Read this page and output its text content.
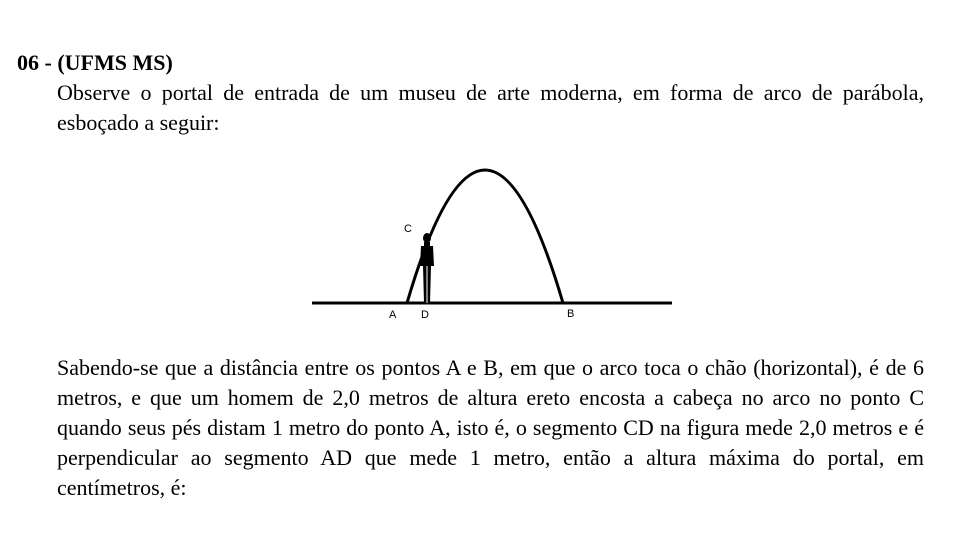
06 - (UFMS MS)

Observe o portal de entrada de um museu de arte moderna, em forma de arco de parábola, esboçado a seguir:

C
A D	B

Sabendo-se que a distância entre os pontos A e B, em que o arco toca o chão (horizontal), é de 6 metros, e que um homem de 2,0 metros de altura ereto encosta a cabeça no arco no ponto C quando seus pés distam 1 metro do ponto A, isto é, o segmento CD na figura mede 2,0 metros e é perpendicular ao segmento AD que mede 1 metro, então a altura máxima do portal, em centímetros, é:
